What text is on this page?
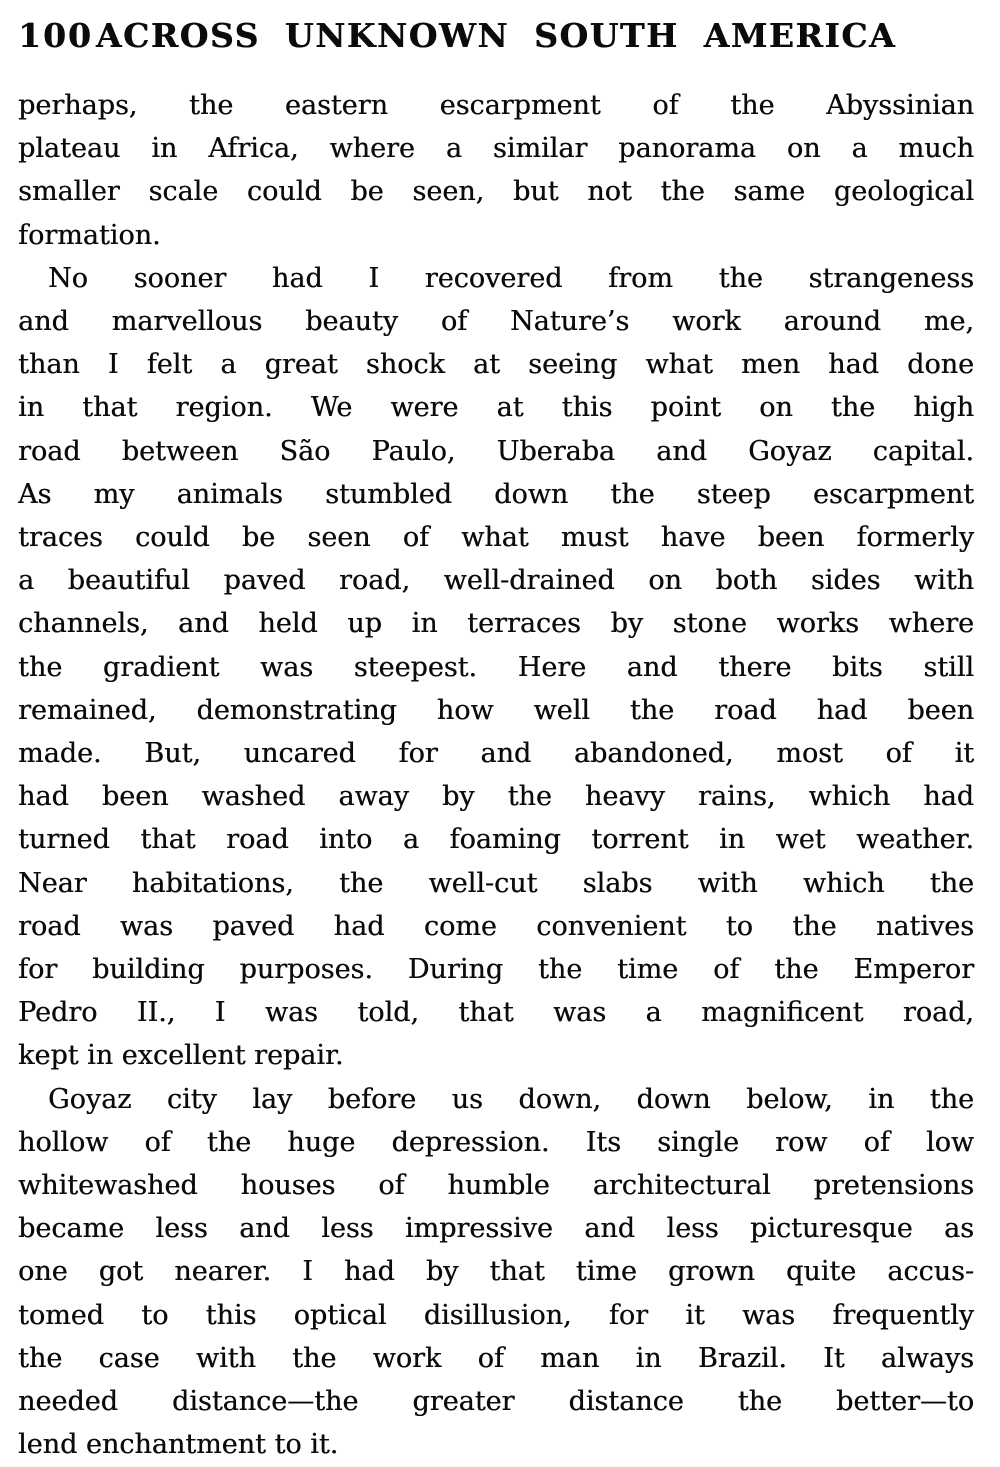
100 ACROSS UNKNOWN SOUTH AMERICA
perhaps, the eastern escarpment of the Abyssinian
plateau in Africa, where a similar panorama on a much
smaller scale could be seen, but not the same geological
formation.
No sooner had I recovered from the strangeness
and marvellous beauty of Nature’s work around me,
than I felt a great shock at seeing what men had done
in that region. We were at this point on the high
road between São Paulo, Uberaba and Goyaz capital.
As my animals stumbled down the steep escarpment
traces could be seen of what must have been formerly
a beautiful paved road, well-drained on both sides with
channels, and held up in terraces by stone works where
the gradient was steepest. Here and there bits still
remained, demonstrating how well the road had been
made. But, uncared for and abandoned, most of it
had been washed away by the heavy rains, which had
turned that road into a foaming torrent in wet weather.
Near habitations, the well-cut slabs with which the
road was paved had come convenient to the natives
for building purposes. During the time of the Emperor
Pedro II., I was told, that was a magnificent road,
kept in excellent repair.
Goyaz city lay before us down, down below, in the
hollow of the huge depression. Its single row of low
whitewashed houses of humble architectural pretensions
became less and less impressive and less picturesque as
one got nearer. I had by that time grown quite accus-
tomed to this optical disillusion, for it was frequently
the case with the work of man in Brazil. It always
needed distance—the greater distance the better—to
lend enchantment to it.
